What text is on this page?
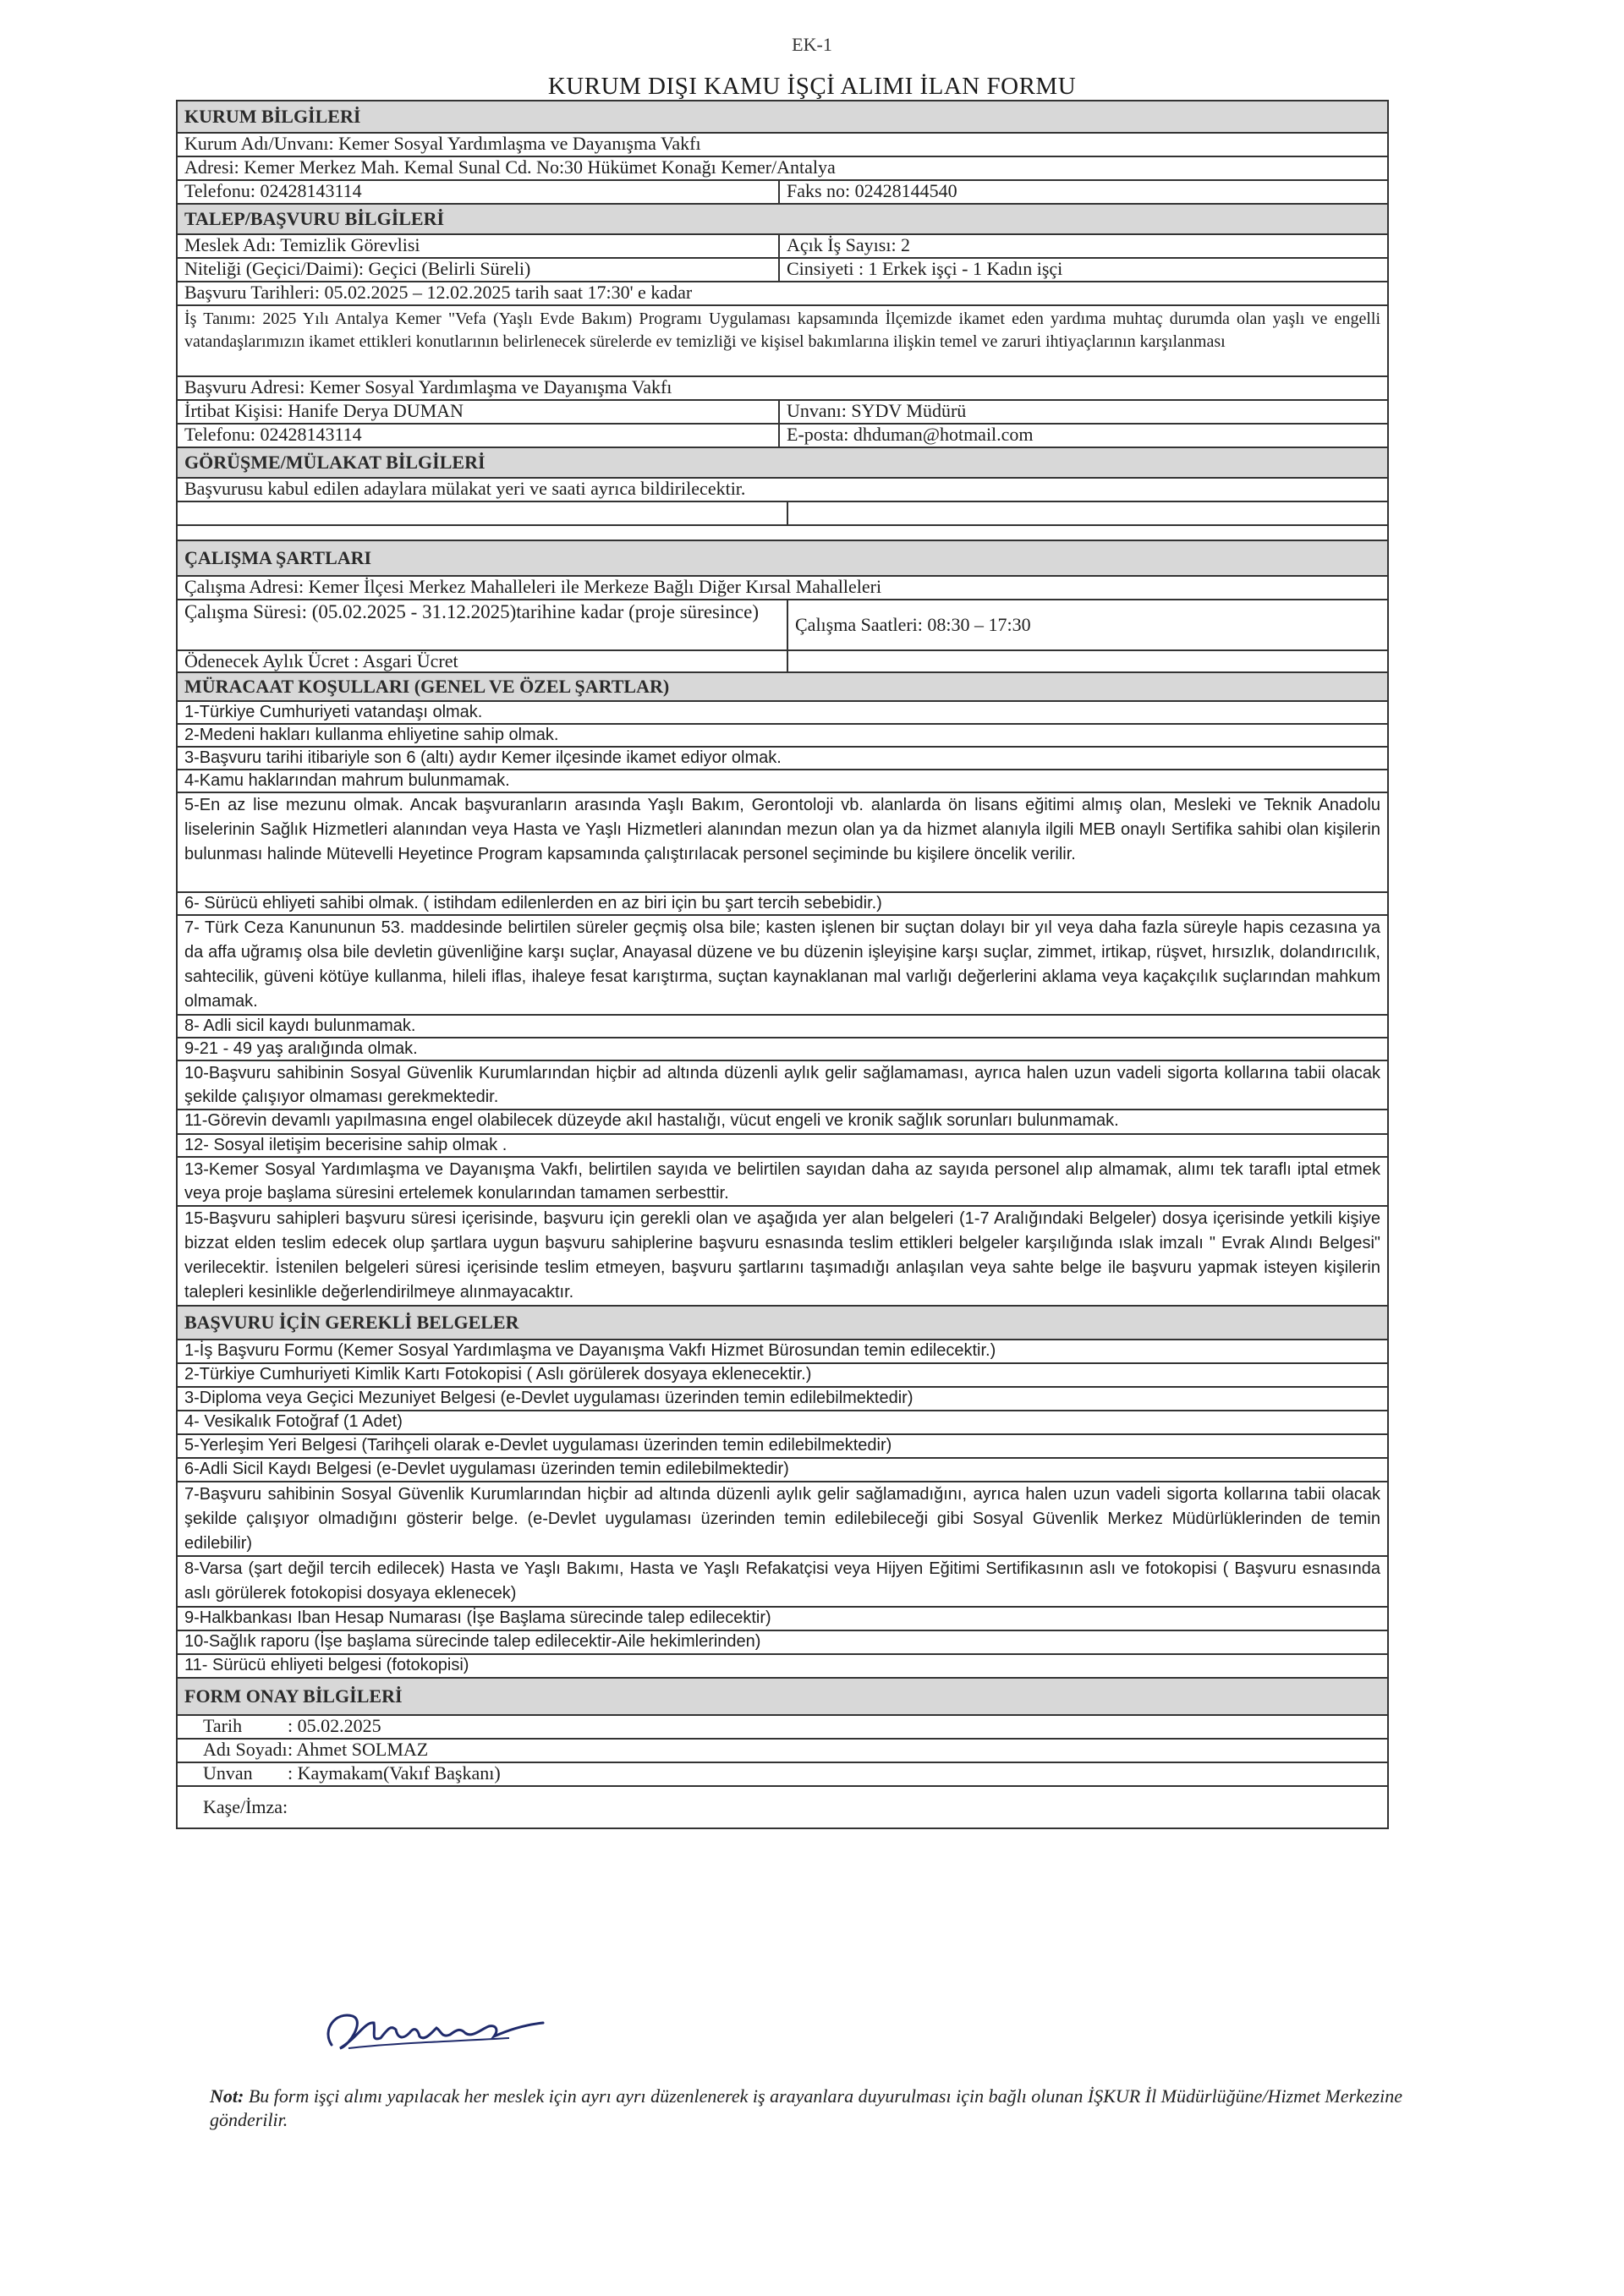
EK-1
KURUM DIŞI KAMU İŞÇİ ALIMI İLAN FORMU
KURUM BİLGİLERİ
Kurum Adı/Unvanı: Kemer Sosyal Yardımlaşma ve Dayanışma Vakfı
Adresi: Kemer Merkez Mah. Kemal Sunal Cd. No:30 Hükümet Konağı Kemer/Antalya
Telefonu: 02428143114	Faks no: 02428144540
TALEP/BAŞVURU BİLGİLERİ
Meslek Adı: Temizlik Görevlisi	Açık İş Sayısı: 2
Niteliği (Geçici/Daimi): Geçici (Belirli Süreli)	Cinsiyeti : 1 Erkek işçi - 1 Kadın işçi
Başvuru Tarihleri: 05.02.2025 – 12.02.2025 tarih saat 17:30' e kadar
İş Tanımı: 2025 Yılı Antalya Kemer "Vefa (Yaşlı Evde Bakım) Programı Uygulaması kapsamında İlçemizde ikamet eden yardıma muhtaç durumda olan yaşlı ve engelli vatandaşlarımızın ikamet ettikleri konutlarının belirlenecek sürelerde ev temizliği ve kişisel bakımlarına ilişkin temel ve zaruri ihtiyaçlarının karşılanması
Başvuru Adresi: Kemer Sosyal Yardımlaşma ve Dayanışma Vakfı
İrtibat Kişisi: Hanife Derya DUMAN	Unvanı: SYDV Müdürü
Telefonu: 02428143114	E-posta: dhduman@hotmail.com
GÖRÜŞME/MÜLAKAT BİLGİLERİ
Başvurusu kabul edilen adaylara mülakat yeri ve saati ayrıca bildirilecektir.
ÇALIŞMA ŞARTLARI
Çalışma Adresi: Kemer İlçesi Merkez Mahalleleri ile Merkeze Bağlı Diğer Kırsal Mahalleleri
Çalışma Süresi: (05.02.2025 - 31.12.2025)tarihine kadar (proje süresince)
Çalışma Saatleri: 08:30 – 17:30
Ödenecek Aylık Ücret : Asgari Ücret
MÜRACAAT KOŞULLARI (GENEL VE ÖZEL ŞARTLAR)
1-Türkiye Cumhuriyeti vatandaşı olmak.
2-Medeni hakları kullanma ehliyetine sahip olmak.
3-Başvuru tarihi itibariyle son 6 (altı) aydır Kemer ilçesinde ikamet ediyor olmak.
4-Kamu haklarından mahrum bulunmamak.
5-En az lise mezunu olmak. Ancak başvuranların arasında Yaşlı Bakım, Gerontoloji vb. alanlarda ön lisans eğitimi almış olan, Mesleki ve Teknik Anadolu liselerinin Sağlık Hizmetleri alanından veya Hasta ve Yaşlı Hizmetleri alanından mezun olan ya da hizmet alanıyla ilgili MEB onaylı Sertifika sahibi olan kişilerin bulunması halinde Mütevelli Heyetince Program kapsamında çalıştırılacak personel seçiminde bu kişilere öncelik verilir.
6- Sürücü ehliyeti sahibi olmak. ( istihdam edilenlerden en az biri için bu şart tercih sebebidir.)
7- Türk Ceza Kanununun 53. maddesinde belirtilen süreler geçmiş olsa bile; kasten işlenen bir suçtan dolayı bir yıl veya daha fazla süreyle hapis cezasına ya da affa uğramış olsa bile devletin güvenliğine karşı suçlar, Anayasal düzene ve bu düzenin işleyişine karşı suçlar, zimmet, irtikap, rüşvet, hırsızlık, dolandırıcılık, sahtecilik, güveni kötüye kullanma, hileli iflas, ihaleye fesat karıştırma, suçtan kaynaklanan mal varlığı değerlerini aklama veya kaçakçılık suçlarından mahkum olmamak.
8- Adli sicil kaydı bulunmamak.
9-21 - 49 yaş aralığında olmak.
10-Başvuru sahibinin Sosyal Güvenlik Kurumlarından hiçbir ad altında düzenli aylık gelir sağlamaması, ayrıca halen uzun vadeli sigorta kollarına tabii olacak şekilde çalışıyor olmaması gerekmektedir.
11-Görevin devamlı yapılmasına engel olabilecek düzeyde akıl hastalığı, vücut engeli ve kronik sağlık sorunları bulunmamak.
12- Sosyal iletişim becerisine sahip olmak .
13-Kemer Sosyal Yardımlaşma ve Dayanışma Vakfı, belirtilen sayıda ve belirtilen sayıdan daha az sayıda personel alıp almamak, alımı tek taraflı iptal etmek veya proje başlama süresini ertelemek konularından tamamen serbesttir.
15-Başvuru sahipleri başvuru süresi içerisinde, başvuru için gerekli olan ve aşağıda yer alan belgeleri (1-7 Aralığındaki Belgeler) dosya içerisinde yetkili kişiye bizzat elden teslim edecek olup şartlara uygun başvuru sahiplerine başvuru esnasında teslim ettikleri belgeler karşılığında ıslak imzalı " Evrak Alındı Belgesi" verilecektir. İstenilen belgeleri süresi içerisinde teslim etmeyen, başvuru şartlarını taşımadığı anlaşılan veya sahte belge ile başvuru yapmak isteyen kişilerin talepleri kesinlikle değerlendirilmeye alınmayacaktır.
BAŞVURU İÇİN GEREKLİ BELGELER
1-İş Başvuru Formu (Kemer Sosyal Yardımlaşma ve Dayanışma Vakfı Hizmet Bürosundan temin edilecektir.)
2-Türkiye Cumhuriyeti Kimlik Kartı Fotokopisi ( Aslı görülerek dosyaya eklenecektir.)
3-Diploma veya Geçici Mezuniyet Belgesi (e-Devlet uygulaması üzerinden temin edilebilmektedir)
4- Vesikalık Fotoğraf (1 Adet)
5-Yerleşim Yeri Belgesi (Tarihçeli olarak e-Devlet uygulaması üzerinden temin edilebilmektedir)
6-Adli Sicil Kaydı Belgesi (e-Devlet uygulaması üzerinden temin edilebilmektedir)
7-Başvuru sahibinin Sosyal Güvenlik Kurumlarından hiçbir ad altında düzenli aylık gelir sağlamadığını, ayrıca halen uzun vadeli sigorta kollarına tabii olacak şekilde çalışıyor olmadığını gösterir belge. (e-Devlet uygulaması üzerinden temin edilebileceği gibi Sosyal Güvenlik Merkez Müdürlüklerinden de temin edilebilir)
8-Varsa (şart değil tercih edilecek) Hasta ve Yaşlı Bakımı, Hasta ve Yaşlı Refakatçisi veya Hijyen Eğitimi Sertifikasının aslı ve fotokopisi ( Başvuru esnasında aslı görülerek fotokopisi dosyaya eklenecek)
9-Halkbankası Iban Hesap Numarası (İşe Başlama sürecinde talep edilecektir)
10-Sağlık raporu (İşe başlama sürecinde talep edilecektir-Aile hekimlerinden)
11- Sürücü ehliyeti belgesi (fotokopisi)
FORM ONAY BİLGİLERİ
Tarih : 05.02.2025
Adı Soyadı: Ahmet SOLMAZ
Unvan : Kaymakam(Vakıf Başkanı)
Kaşe/İmza:
Not: Bu form işçi alımı yapılacak her meslek için ayrı ayrı düzenlenerek iş arayanlara duyurulması için bağlı olunan İŞKUR İl Müdürlüğüne/Hizmet Merkezine gönderilir.
